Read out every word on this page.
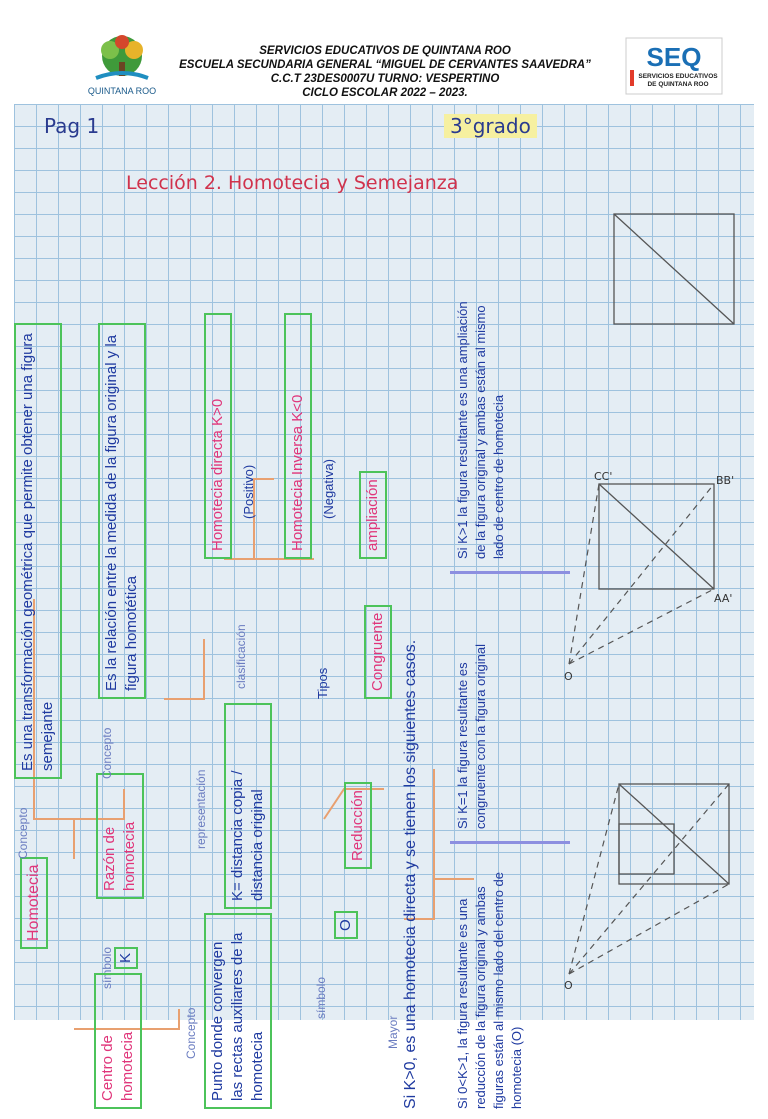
QUINTANA ROO
SERVICIOS EDUCATIVOS DE QUINTANA ROO
ESCUELA SECUNDARIA GENERAL “MIGUEL DE CERVANTES SAAVEDRA”
C.C.T 23DES0007U TURNO: VESPERTINO
CICLO ESCOLAR 2022 – 2023.
SEQ
SERVICIOS EDUCATIVOS
DE QUINTANA ROO
Pag 1	3°grado
Lección 2. Homotecia y Semejanza
Homotecia
Concepto
Es una transformación geométrica que permite obtener una figura semejante
Razón de homotecia
símbolo K
Concepto
Es la relación entre la medida de la figura original y la figura homotética
representación	K= distancia copia / distancia original
clasificación
Homotecia directa K>0	(Positivo)	Homotecia Inversa K<0	(Negativa)
Tipos
Reducción
Congruente
ampliación
Centro de homotecia	Concepto Punto donde convergen las rectas auxiliares de la homotecia
símbolo
O	Si K>0, es una homotecia directa y se tienen los siguientes casos.
Mayor	Si 0<K>1, la figura resultante es una reducción de la figura original y ambas figuras están al mismo lado del centro de homotecia (O)
Si K=1 la figura resultante es congruente con la figura original
Si K>1 la figura resultante es una ampliación de la figura original y ambas están al mismo lado de centro de homotecia
O
O
CC'	BB'
AA'
